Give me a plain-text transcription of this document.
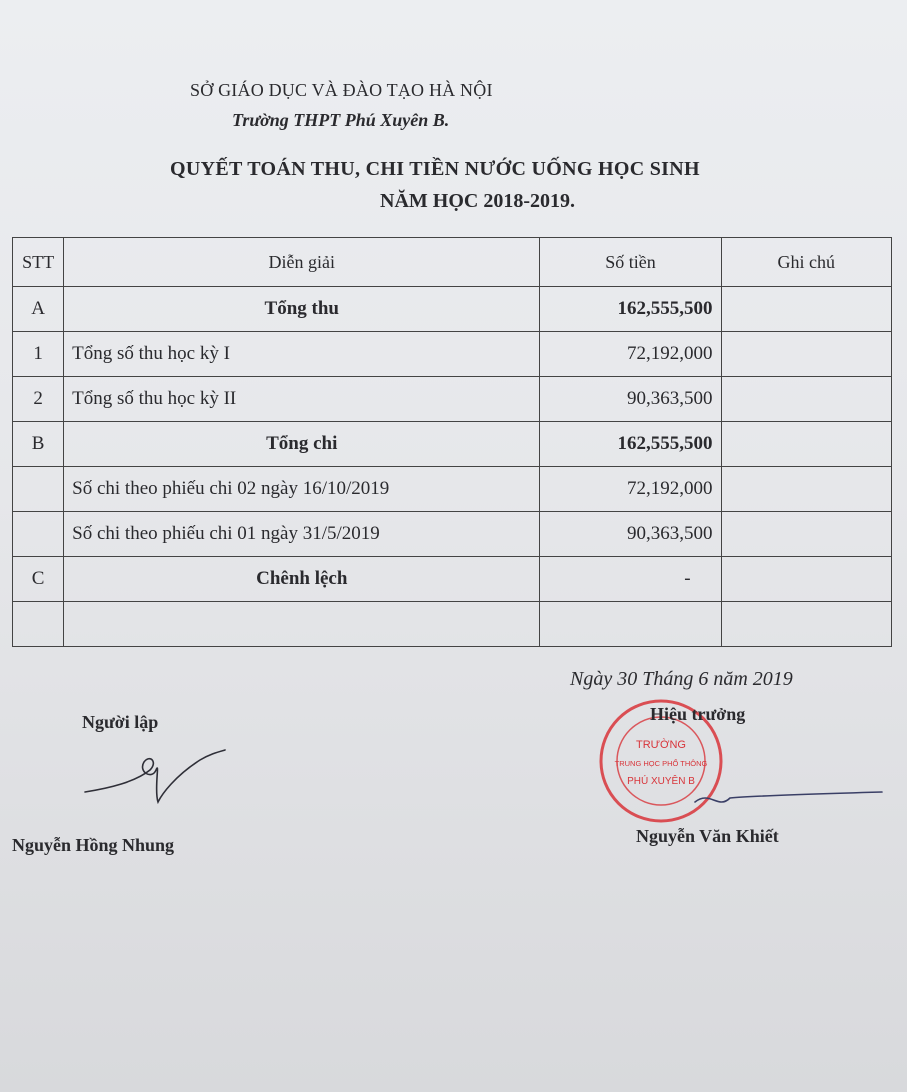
SỞ GIÁO DỤC VÀ ĐÀO TẠO HÀ NỘI
Trường THPT Phú Xuyên B.
QUYẾT TOÁN THU, CHI TIỀN NƯỚC UỐNG HỌC SINH
NĂM HỌC 2018-2019.
STT	Diễn giải	Số tiền	Ghi chú
A	Tổng thu	162,555,500	
1	Tổng số thu học kỳ I	72,192,000	
2	Tổng số thu học kỳ II	90,363,500	
B	Tổng chi	162,555,500	
	Số chi theo phiếu chi 02 ngày 16/10/2019	72,192,000	
	Số chi theo phiếu chi 01 ngày 31/5/2019	90,363,500	
C	Chênh lệch	-	

Ngày 30 Tháng 6 năm 2019
Người lập
Nguyễn Hồng Nhung
TRƯỜNG
TRUNG HỌC PHỔ THÔNG
PHÚ XUYÊN B
Hiệu trưởng
Nguyễn Văn Khiết
